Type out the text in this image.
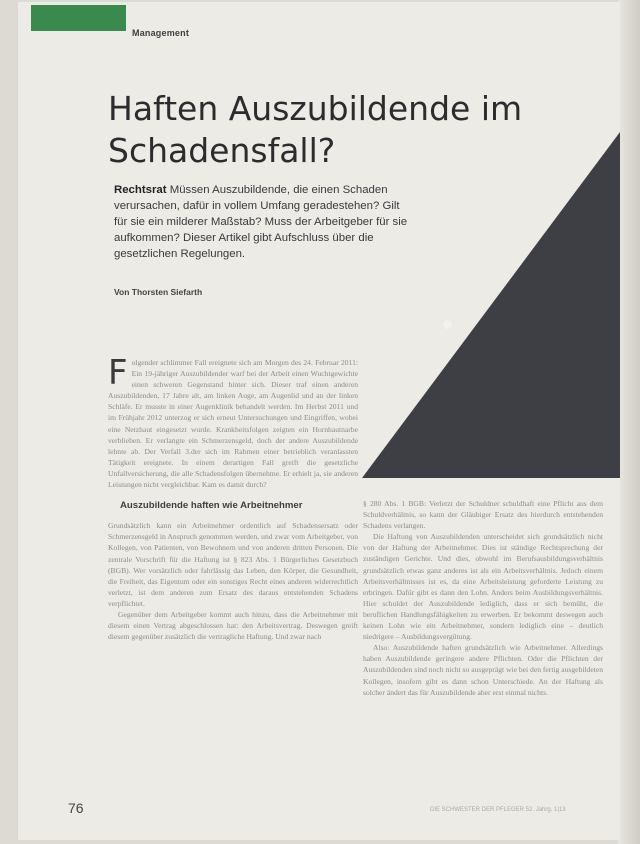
Management
Haften Auszubildende im Schadensfall?

Rechtsrat Müssen Auszubildende, die einen Schaden verursachen, dafür in vollem Umfang geradestehen? Gilt für sie ein milderer Maßstab? Muss der Arbeitgeber für sie aufkommen? Dieser Artikel gibt Aufschluss über die gesetzlichen Regelungen.

Von Thorsten Siefarth

Folgender schlimmer Fall ereignete sich am Morgen des 24. Februar 2011: Ein 19-jähriger Auszubildender warf bei der Arbeit einen Wuchtgewichte einen schweren Gegenstand hinter sich. Dieser traf einen anderen Auszubildenden, 17 Jahre alt, am linken Auge, am Augenlid und an der linken Schläfe. Er musste in einer Augenklinik behandelt werden. Im Herbst 2011 und im Frühjahr 2012 unterzog er sich erneut Untersuchungen und Eingriffen, wobei eine Netzhaut eingesetzt wurde. Krankheitsfolgen zeigten ein Hornhautnarbe verblieben. Er verlangte ein Schmerzensgeld, doch der andere Auszubildende lehnte ab. Der Verfall 3.der sich im Rahmen einer betrieblich veranlassten Tätigkeit ereignete. In einem derartigen Fall greift die gesetzliche Unfallversicherung, die alle Schadensfolgen übernehme. Er erhielt ja, sie anderen Leistungen nicht vergleichbar. Kam es damit durch?

Auszubildende haften wie Arbeitnehmer

Grundsätzlich kann ein Arbeitnehmer ordentlich auf Schadensersatz oder Schmerzensgeld in Anspruch genommen werden, und zwar vom Arbeitgeber, von Kollegen, von Patienten, von Bewohnern und von anderen dritten Personen. Die zentrale Vorschrift für die Haftung ist § 823 Abs. 1 Bürgerliches Gesetzbuch (BGB). Wer vorsätzlich oder fahrlässig das Leben, den Körper, die Gesundheit, die Freiheit, das Eigentum oder ein sonstiges Recht eines anderen widerrechtlich verletzt, ist dem anderen zum Ersatz des daraus entstehenden Schadens verpflichtet.

Gegenüber dem Arbeitgeber kommt auch hinzu, dass die Arbeitnehmer mit diesem einen Vertrag abgeschlossen hat: den Arbeitsvertrag. Deswegen greift diesem gegenüber zusätzlich die vertragliche Haftung. Und zwar nach

§ 280 Abs. 1 BGB: Verletzt der Schuldner schuldhaft eine Pflicht aus dem Schuldverhältnis, so kann der Gläubiger Ersatz des hierdurch entstehenden Schadens verlangen.

Die Haftung von Auszubildenden unterscheidet sich grundsätzlich nicht von der Haftung der Arbeitnehmer. Dies ist ständige Rechtsprechung der zuständigen Gerichte. Und dies, obwohl im Berufsausbildungsverhältnis grundsätzlich etwas ganz anderes ist als ein Arbeitsverhältnis. Jedoch einem Arbeitsverhältnisses ist es, da eine Arbeitsleistung geforderte Leistung zu erbringen. Dafür gibt es dann den Lohn. Anders beim Ausbildungsverhältnis. Hier schuldet der Auszubildende lediglich, dass er sich bemüht, die beruflichen Handlungsfähigkeiten zu erwerben. Er bekommt deswegen auch keinen Lohn wie ein Arbeitnehmer, sondern lediglich eine – deutlich niedrigere – Ausbildungsvergütung.

Also: Auszubildende haften grundsätzlich wie Arbeitnehmer. Allerdings haben Auszubildende geringere andere Pflichten. Oder die Pflichten der Auszubildenden sind noch nicht so ausgeprägt wie bei den fertig ausgebildeten Kollegen, insofern gibt es dann schon Unterschiede. An der Haftung als solcher ändert das für Auszubildende aber erst einmal nichts.

76	DIE SCHWESTER DER PFLEGER 52. Jahrg. 1|13
